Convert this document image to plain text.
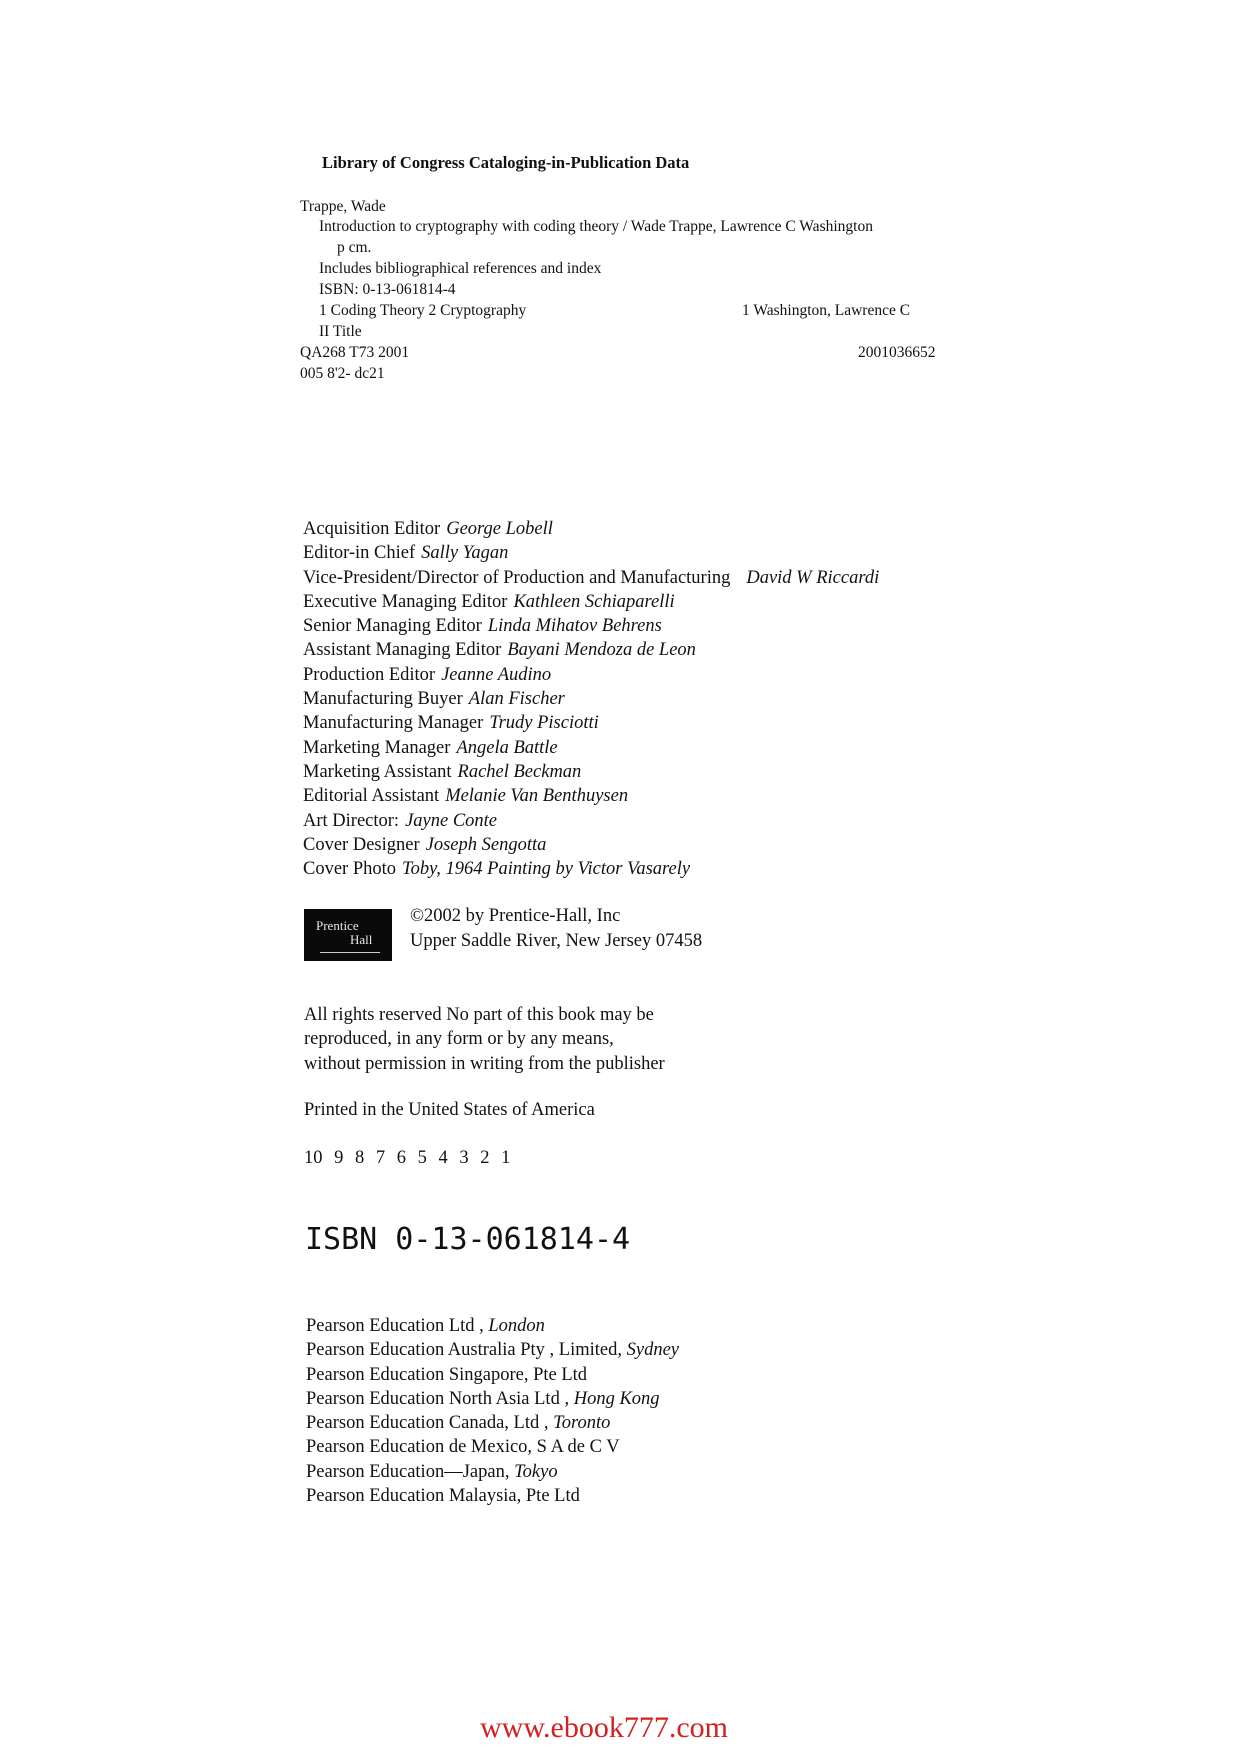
Library of Congress Cataloging-in-Publication Data
Trappe, Wade
Introduction to cryptography with coding theory / Wade Trappe, Lawrence C Washington
p cm.
Includes bibliographical references and index
ISBN: 0-13-061814-4
1 Coding Theory 2 Cryptography	1 Washington, Lawrence C
II Title
QA268 T73 2001	2001036652
005 8'2- dc21
Acquisition Editor George Lobell
Editor-in Chief Sally Yagan
Vice-President/Director of Production and Manufacturing David W Riccardi
Executive Managing Editor Kathleen Schiaparelli
Senior Managing Editor Linda Mihatov Behrens
Assistant Managing Editor Bayani Mendoza de Leon
Production Editor Jeanne Audino
Manufacturing Buyer Alan Fischer
Manufacturing Manager Trudy Pisciotti
Marketing Manager Angela Battle
Marketing Assistant Rachel Beckman
Editorial Assistant Melanie Van Benthuysen
Art Director: Jayne Conte
Cover Designer Joseph Sengotta
Cover Photo Toby, 1964 Painting by Victor Vasarely
Prentice
Hall
©2002 by Prentice-Hall, Inc
Upper Saddle River, New Jersey 07458
All rights reserved No part of this book may be
reproduced, in any form or by any means,
without permission in writing from the publisher
Printed in the United States of America
10 9 8 7 6 5 4 3 2 1
ISBN 0-13-061814-4
Pearson Education Ltd , London
Pearson Education Australia Pty , Limited, Sydney
Pearson Education Singapore, Pte Ltd
Pearson Education North Asia Ltd , Hong Kong
Pearson Education Canada, Ltd , Toronto
Pearson Education de Mexico, S A de C V
Pearson Education—Japan, Tokyo
Pearson Education Malaysia, Pte Ltd
www.ebook777.com
